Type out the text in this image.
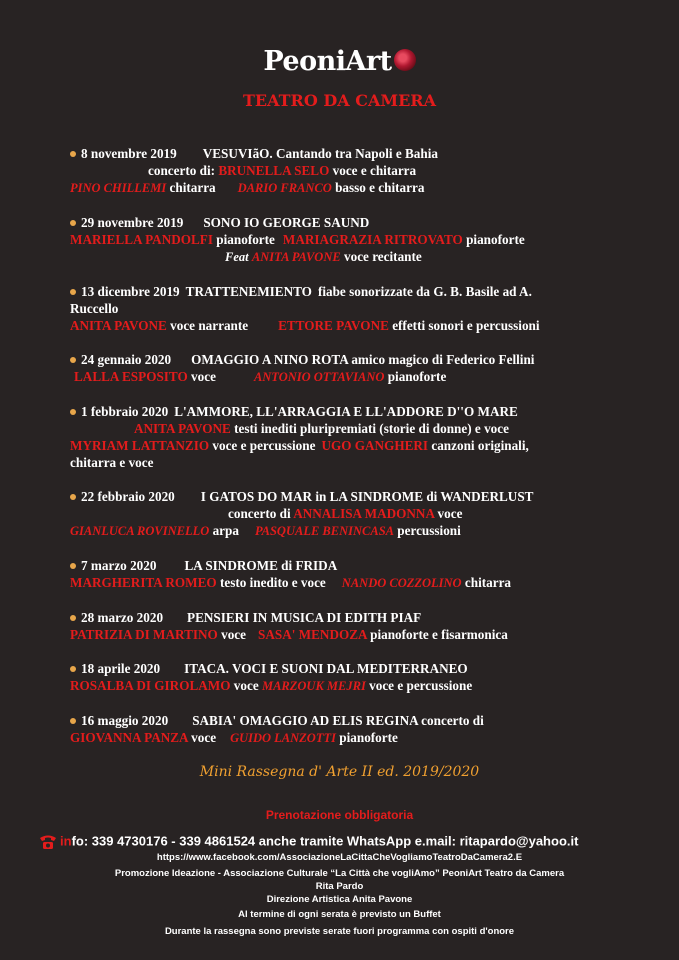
PeoniArt
TEATRO DA CAMERA
8 novembre 2019 VESUVIãO. Cantando tra Napoli e Bahia
concerto di: BRUNELLA SELO voce e chitarra
PINO CHILLEMI chitarra DARIO FRANCO basso e chitarra
29 novembre 2019 SONO IO GEORGE SAUND
MARIELLA PANDOLFI pianoforte MARIAGRAZIA RITROVATO pianoforte
Feat ANITA PAVONE voce recitante
13 dicembre 2019 TRATTENEMIENTO fiabe sonorizzate da G. B. Basile ad A.
Ruccello
ANITA PAVONE voce narrante ETTORE PAVONE effetti sonori e percussioni
24 gennaio 2020 OMAGGIO A NINO ROTA amico magico di Federico Fellini
LALLA ESPOSITO voce	ANTONIO OTTAVIANO pianoforte
1 febbraio 2020 L'AMMORE, LL'ARRAGGIA E LL'ADDORE D''O MARE
ANITA PAVONE testi inediti pluripremiati (storie di donne) e voce
MYRIAM LATTANZIO voce e percussione UGO GANGHERI canzoni originali,
chitarra e voce
22 febbraio 2020 I GATOS DO MAR in LA SINDROME di WANDERLUST
concerto di ANNALISA MADONNA voce
GIANLUCA ROVINELLO arpa PASQUALE BENINCASA percussioni
7 marzo 2020 LA SINDROME di FRIDA
MARGHERITA ROMEO testo inedito e voce NANDO COZZOLINO chitarra
28 marzo 2020 PENSIERI IN MUSICA DI EDITH PIAF
PATRIZIA DI MARTINO voce SASA' MENDOZA pianoforte e fisarmonica
18 aprile 2020 ITACA. VOCI E SUONI DAL MEDITERRANEO
ROSALBA DI GIROLAMO voce MARZOUK MEJRI voce e percussione
16 maggio 2020 SABIA' OMAGGIO AD ELIS REGINA concerto di
GIOVANNA PANZA voce GUIDO LANZOTTI pianoforte
Mini Rassegna d' Arte II ed. 2019/2020
Prenotazione obbligatoria
info: 339 4730176 - 339 4861524 anche tramite WhatsApp e.mail: ritapardo@yahoo.it
https://www.facebook.com/AssociazioneLaCittaCheVogliamoTeatroDaCamera2.E
Promozione Ideazione - Associazione Culturale “La Città che vogliAmo” PeoniArt Teatro da Camera
Rita Pardo
Direzione Artistica Anita Pavone
Al termine di ogni serata è previsto un Buffet
Durante la rassegna sono previste serate fuori programma con ospiti d'onore
